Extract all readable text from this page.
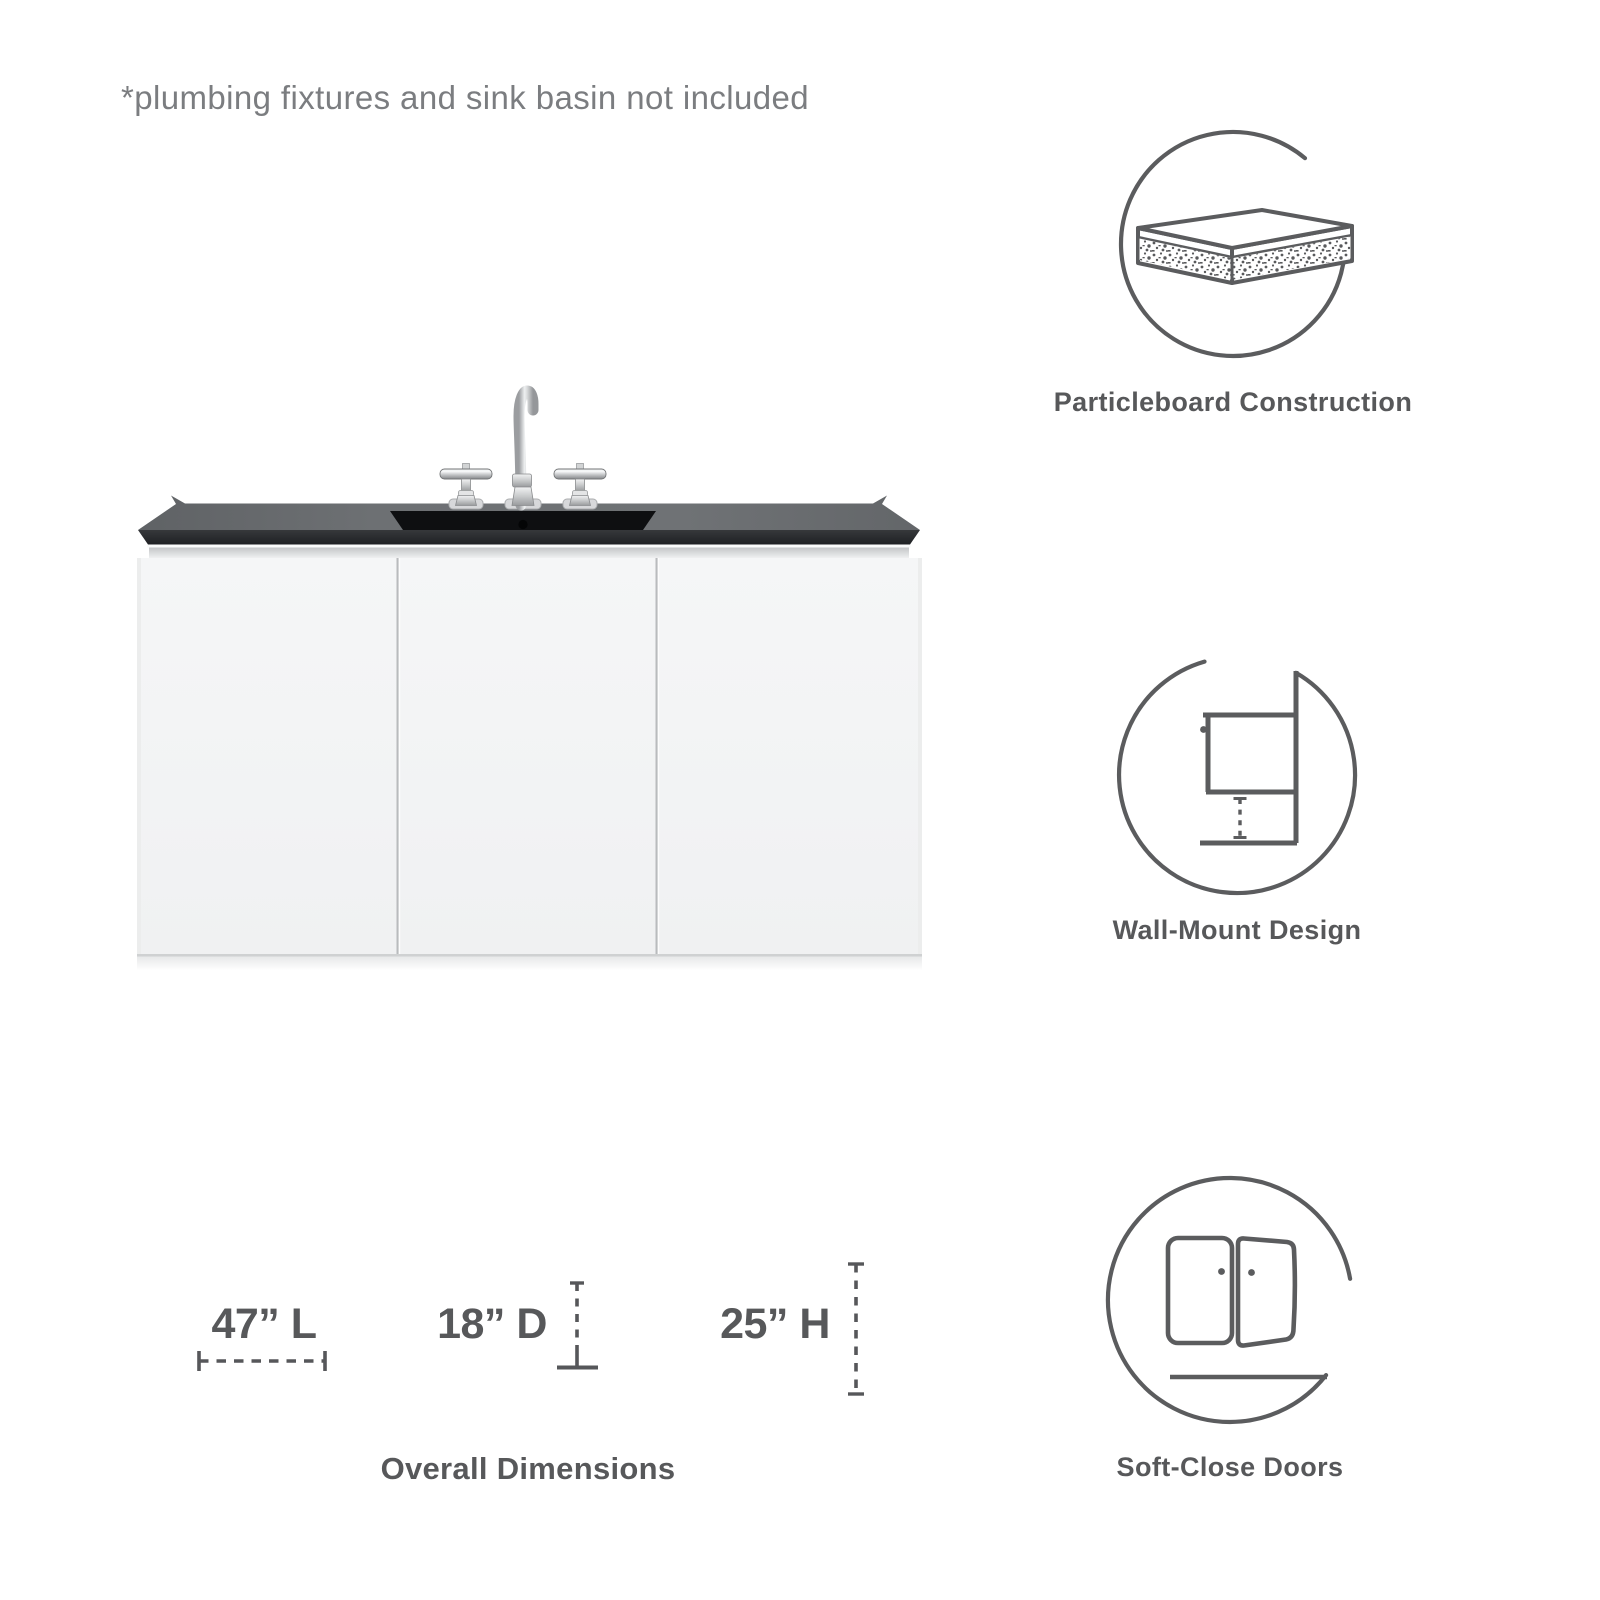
*plumbing fixtures and sink basin not included
Particleboard Construction
Wall-Mount Design
Soft-Close Doors
47” L	18” D	25” H
Overall Dimensions
